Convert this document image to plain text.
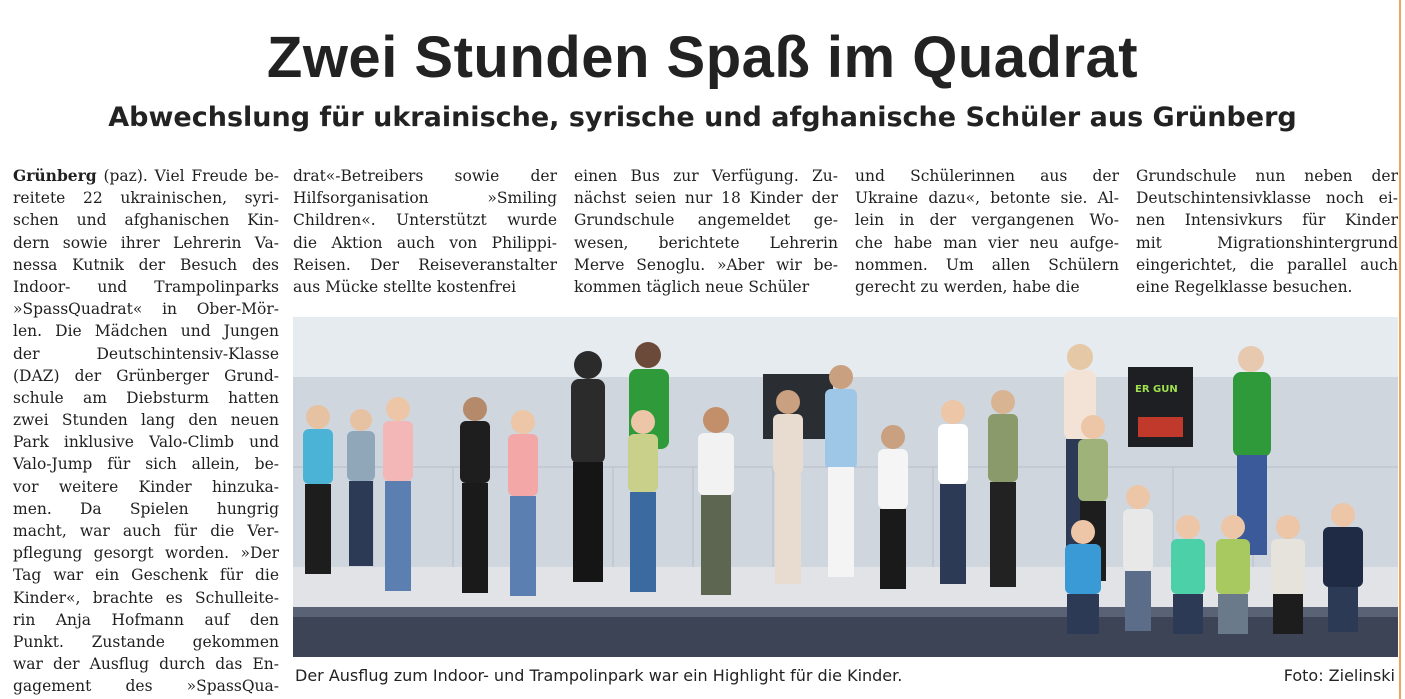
Zwei Stunden Spaß im Quadrat
Abwechslung für ukrainische, syrische und afghanische Schüler aus Grünberg
Grünberg (paz). Viel Freude be-
reitete 22 ukrainischen, syri-
schen und afghanischen Kin-
dern sowie ihrer Lehrerin Va-
nessa Kutnik der Besuch des
Indoor- und Trampolinparks
»SpassQuadrat« in Ober-Mör-
len. Die Mädchen und Jungen
der Deutschintensiv-Klasse
(DAZ) der Grünberger Grund-
schule am Diebsturm hatten
zwei Stunden lang den neuen
Park inklusive Valo-Climb und
Valo-Jump für sich allein, be-
vor weitere Kinder hinzuka-
men. Da Spielen hungrig
macht, war auch für die Ver-
pflegung gesorgt worden. »Der
Tag war ein Geschenk für die
Kinder«, brachte es Schulleite-
rin Anja Hofmann auf den
Punkt. Zustande gekommen
war der Ausflug durch das En-
gagement des »SpassQua-
drat«-Betreibers sowie der
Hilfsorganisation »Smiling
Children«. Unterstützt wurde
die Aktion auch von Philippi-
Reisen. Der Reiseveranstalter
aus Mücke stellte kostenfrei
einen Bus zur Verfügung. Zu-
nächst seien nur 18 Kinder der
Grundschule angemeldet ge-
wesen, berichtete Lehrerin
Merve Senoglu. »Aber wir be-
kommen täglich neue Schüler
und Schülerinnen aus der
Ukraine dazu«, betonte sie. Al-
lein in der vergangenen Wo-
che habe man vier neu aufge-
nommen. Um allen Schülern
gerecht zu werden, habe die
Grundschule nun neben der
Deutschintensivklasse noch ei-
nen Intensivkurs für Kinder
mit Migrationshintergrund
eingerichtet, die parallel auch
eine Regelklasse besuchen.
ER GUN
Der Ausflug zum Indoor- und Trampolinpark war ein Highlight für die Kinder.	Foto: Zielinski
